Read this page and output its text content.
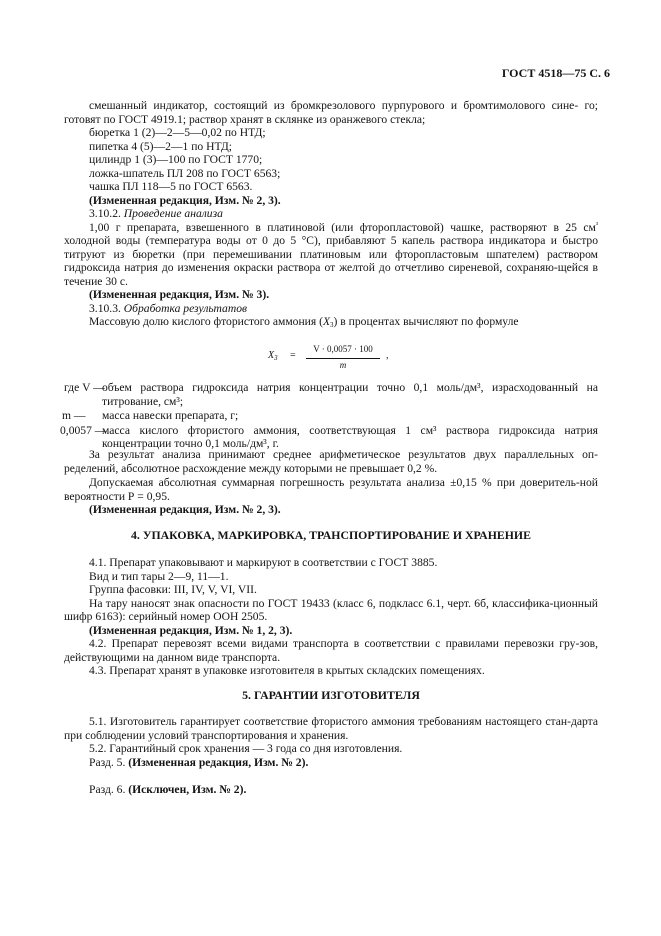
ГОСТ 4518—75 С. 6

смешанный индикатор, состоящий из бромкрезолового пурпурового и бромтимолового сине- го; готовят по ГОСТ 4919.1; раствор хранят в склянке из оранжевого стекла;

бюретка 1 (2)—2—5—0,02 по НТД;

пипетка 4 (5)—2—1 по НТД;

цилиндр 1 (3)—100 по ГОСТ 1770;

ложка-шпатель ПЛ 208 по ГОСТ 6563;

чашка ПЛ 118—5 по ГОСТ 6563.

(Измененная редакция, Изм. № 2, 3).

3.10.2. Проведение анализа

1,00 г препарата, взвешенного в платиновой (или фторопластовой) чашке, растворяют в 25 $см^{^3}$ холодной воды (температура воды от 0 до 5 °С), прибавляют 5 капель раствора индикатора и быстро титруют из бюретки (при перемешивании платиновым или фторопластовым шпателем) раствором гидроксида натрия до изменения окраски раствора от желтой до отчетливо сиреневой, сохраняю-щейся в течение 30 с.

(Измененная редакция, Изм. № 3).

3.10.3. Обработка результатов

Массовую долю кислого фтористого аммония $(X_3)$ в процентах вычисляют по формуле

$X_3 = \frac{V \cdot 0,0057 \cdot 100}{m}$ ,
где V —
объем раствора гидроксида натрия концентрации точно 0,1 моль/дм³, израсходованный на титрование, см³;
m — масса навески препарата, г;
0,0057 —
масса кислого фтористого аммония, соответствующая 1 см³ раствора гидроксида натрия концентрации точно 0,1 моль/дм³, г.

За результат анализа принимают среднее арифметическое результатов двух параллельных оп-ределений, абсолютное расхождение между которыми не превышает 0,2 %.

Допускаемая абсолютная суммарная погрешность результата анализа ±0,15 % при доверитель-ной вероятности Р = 0,95.

(Измененная редакция, Изм. № 2, 3).

4. УПАКОВКА, МАРКИРОВКА, ТРАНСПОРТИРОВАНИЕ И ХРАНЕНИЕ

4.1. Препарат упаковывают и маркируют в соответствии с ГОСТ 3885.

Вид и тип тары 2—9, 11—1.

Группа фасовки: III, IV, V, VI, VII.

На тару наносят знак опасности по ГОСТ 19433 (класс 6, подкласс 6.1, черт. 6б, классифика-ционный шифр 6163): серийный номер ООН 2505.

(Измененная редакция, Изм. № 1, 2, 3).

4.2. Препарат перевозят всеми видами транспорта в соответствии с правилами перевозки гру-зов, действующими на данном виде транспорта.

4.3. Препарат хранят в упаковке изготовителя в крытых складских помещениях.

5. ГАРАНТИИ ИЗГОТОВИТЕЛЯ

5.1. Изготовитель гарантирует соответствие фтористого аммония требованиям настоящего стан-дарта при соблюдении условий транспортирования и хранения.

5.2. Гарантийный срок хранения — 3 года со дня изготовления.

Разд. 5. (Измененная редакция, Изм. № 2).

Разд. 6. (Исключен, Изм. № 2).
